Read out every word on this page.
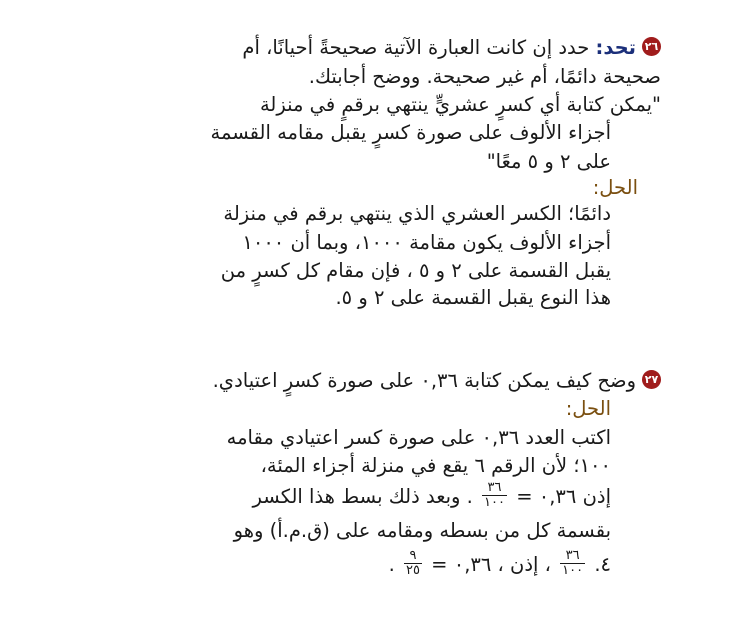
٢٦تحد: حدد إن كانت العبارة الآتية صحيحةً أحيانًا، أم
صحيحة دائمًا، أم غير صحيحة. ووضح أجابتك.
"يمكن كتابة أي كسرٍ عشريٍّ ينتهي برقمٍ في منزلة
أجزاء الألوف على صورة كسرٍ يقبل مقامه القسمة
على ٢ و ٥ معًا"
الحل:
دائمًا؛ الكسر العشري الذي ينتهي برقم في منزلة
أجزاء الألوف يكون مقامة ١٠٠٠، وبما أن ١٠٠٠
يقبل القسمة على ٢ و ٥ ، فإن مقام كل كسرٍ من
هذا النوع يقبل القسمة على ٢ و ٥.
٢٧وضح كيف يمكن كتابة ٠,٣٦ على صورة كسرٍ اعتيادي.
الحل:
اكتب العدد ٠,٣٦ على صورة كسر اعتيادي مقامه
١٠٠؛ لأن الرقم ٦ يقع في منزلة أجزاء المئة،
إذن ٠,٣٦ =
$\frac{٣٦}{١٠٠}$
. وبعد ذلك بسط هذا الكسر
بقسمة كل من بسطه ومقامه على (ق.م.أ) وهو
٤.
$\frac{٣٦}{١٠٠}$
، إذن ، ٠,٣٦ =
$\frac{٩}{٢٥}$
.
